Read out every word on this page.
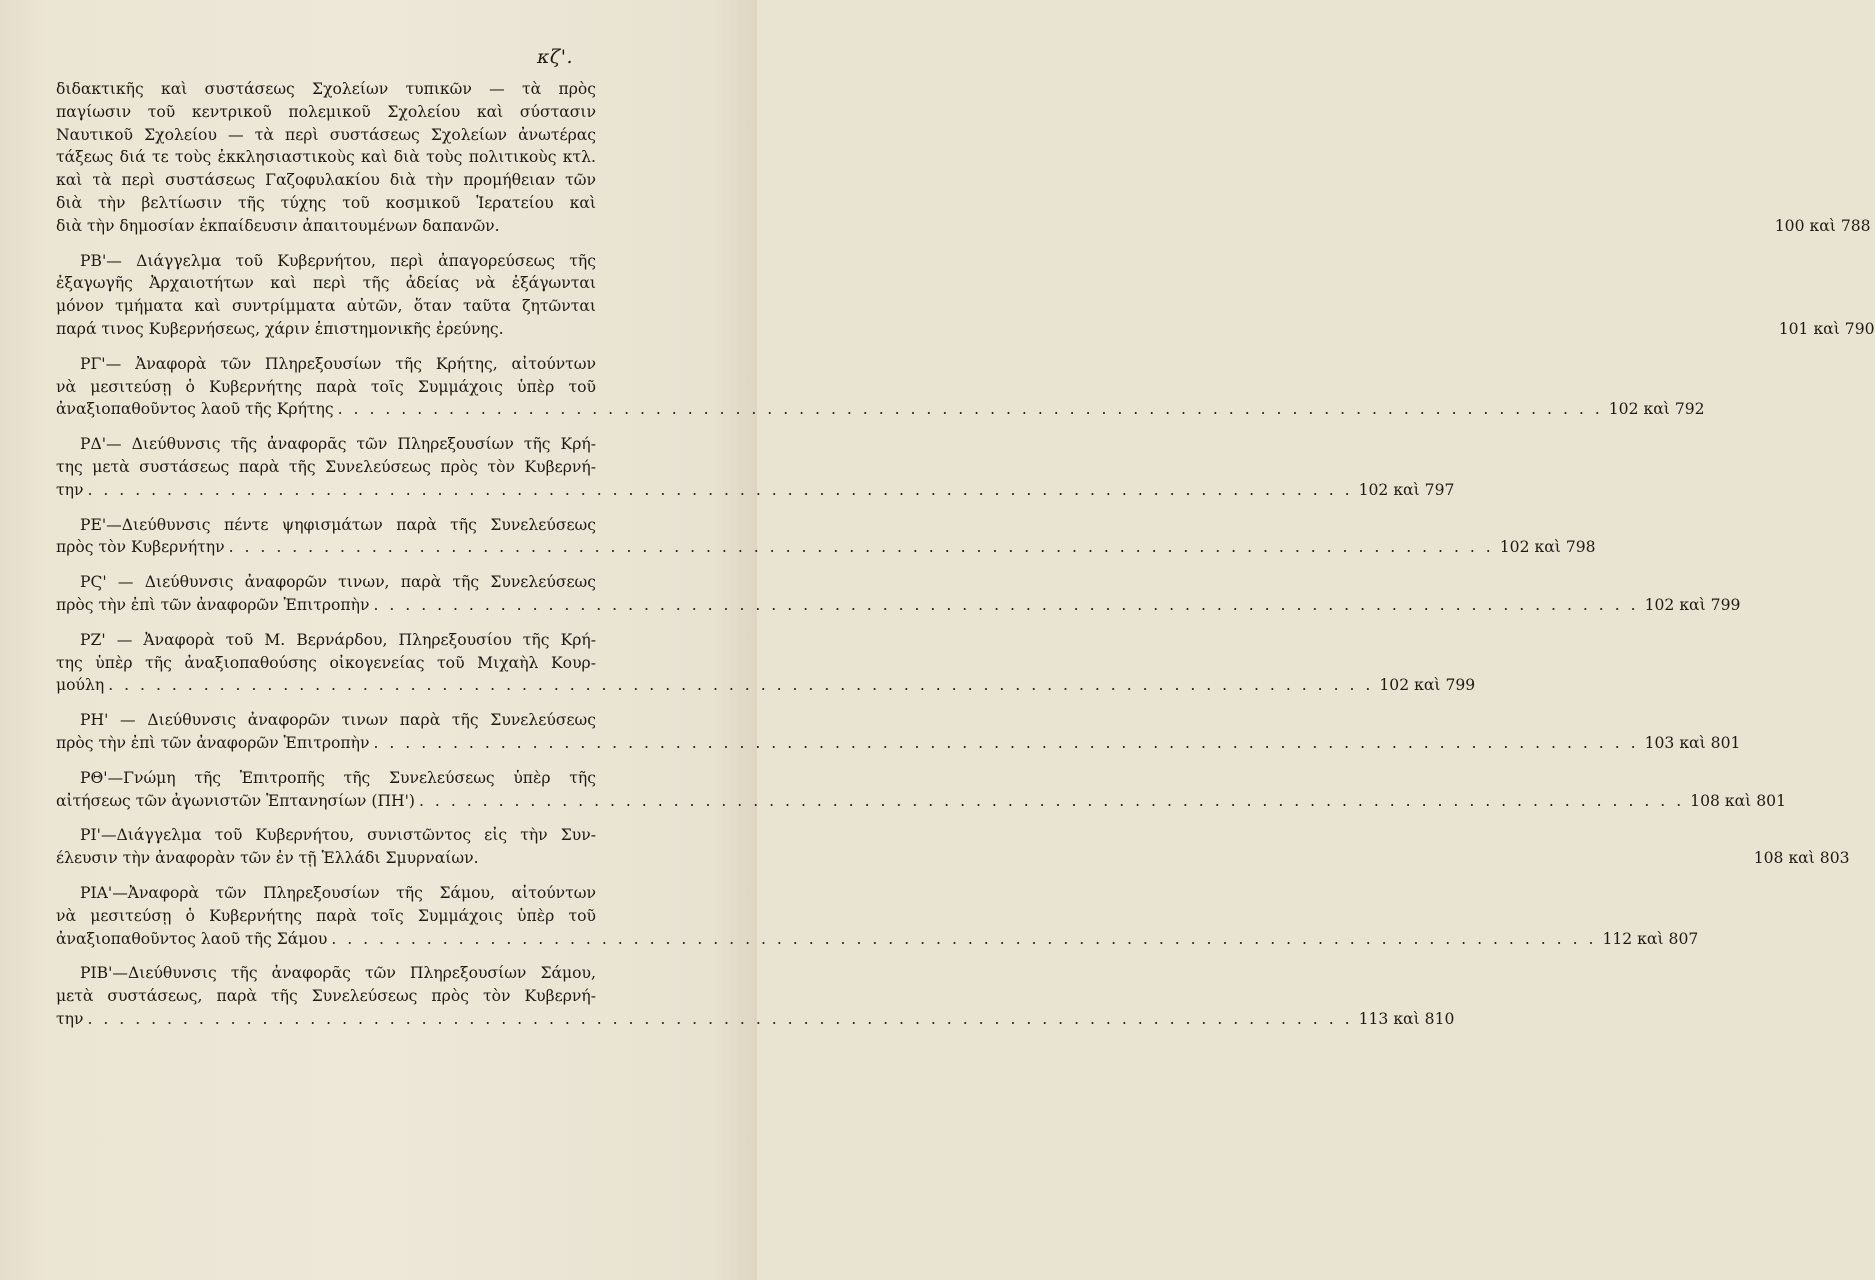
κζ'.
διδακτικῆς καὶ συστάσεως Σχολείων τυπικῶν — τὰ πρὸς
παγίωσιν τοῦ κεντρικοῦ πολεμικοῦ Σχολείου καὶ σύστασιν
Ναυτικοῦ Σχολείου — τὰ περὶ συστάσεως Σχολείων ἀνωτέρας
τάξεως διά τε τοὺς ἐκκλησιαστικοὺς καὶ διὰ τοὺς πολιτικοὺς κτλ.
καὶ τὰ περὶ συστάσεως Γαζοφυλακίου διὰ τὴν προμήθειαν τῶν
διὰ τὴν βελτίωσιν τῆς τύχης τοῦ κοσμικοῦ Ἱερατείου καὶ
διὰ τὴν δημοσίαν ἐκπαίδευσιν ἀπαιτουμένων δαπανῶν.	100 καὶ 788
ΡΒ'— Διάγγελμα τοῦ Κυβερνήτου, περὶ ἀπαγορεύσεως τῆς
ἐξαγωγῆς Ἀρχαιοτήτων καὶ περὶ τῆς ἀδείας νὰ ἐξάγωνται
μόνον τμήματα καὶ συντρίμματα αὐτῶν, ὅταν ταῦτα ζητῶνται
παρά τινος Κυβερνήσεως, χάριν ἐπιστημονικῆς ἐρεύνης.	101 καὶ 790
ΡΓ'— Ἀναφορὰ τῶν Πληρεξουσίων τῆς Κρήτης, αἰτούντων
νὰ μεσιτεύσῃ ὁ Κυβερνήτης παρὰ τοῖς Συμμάχοις ὑπὲρ τοῦ
ἀναξιοπαθοῦντος λαοῦ τῆς Κρήτης . . .	102 καὶ 792
ΡΔ'— Διεύθυνσις τῆς ἀναφορᾶς τῶν Πληρεξουσίων τῆς Κρή-
της μετὰ συστάσεως παρὰ τῆς Συνελεύσεως πρὸς τὸν Κυβερνή-
την . . .	102 καὶ 797
ΡΕ'—Διεύθυνσις πέντε ψηφισμάτων παρὰ τῆς Συνελεύσεως
πρὸς τὸν Κυβερνήτην . . .	102 καὶ 798
ΡϚ' — Διεύθυνσις ἀναφορῶν τινων, παρὰ τῆς Συνελεύσεως
πρὸς τὴν ἐπὶ τῶν ἀναφορῶν Ἐπιτροπὴν . . .	102 καὶ 799
ΡΖ' — Ἀναφορὰ τοῦ Μ. Βερνάρδου, Πληρεξουσίου τῆς Κρή-
της ὑπὲρ τῆς ἀναξιοπαθούσης οἰκογενείας τοῦ Μιχαὴλ Κουρ-
μούλη . . .	102 καὶ 799
ΡΗ' — Διεύθυνσις ἀναφορῶν τινων παρὰ τῆς Συνελεύσεως
πρὸς τὴν ἐπὶ τῶν ἀναφορῶν Ἐπιτροπὴν . . .	103 καὶ 801
ΡΘ'—Γνώμη τῆς Ἐπιτροπῆς τῆς Συνελεύσεως ὑπὲρ τῆς
αἰτήσεως τῶν ἀγωνιστῶν Ἑπτανησίων (ΠΗ') . . .	108 καὶ 801
ΡΙ'—Διάγγελμα τοῦ Κυβερνήτου, συνιστῶντος εἰς τὴν Συν-
έλευσιν τὴν ἀναφορὰν τῶν ἐν τῇ Ἑλλάδι Σμυρναίων.	108 καὶ 803
ΡΙΑ'—Ἀναφορὰ τῶν Πληρεξουσίων τῆς Σάμου, αἰτούντων
νὰ μεσιτεύσῃ ὁ Κυβερνήτης παρὰ τοῖς Συμμάχοις ὑπὲρ τοῦ
ἀναξιοπαθοῦντος λαοῦ τῆς Σάμου . . .	112 καὶ 807
ΡΙΒ'—Διεύθυνσις τῆς ἀναφορᾶς τῶν Πληρεξουσίων Σάμου,
μετὰ συστάσεως, παρὰ τῆς Συνελεύσεως πρὸς τὸν Κυβερνή-
την . . .	113 καὶ 810
